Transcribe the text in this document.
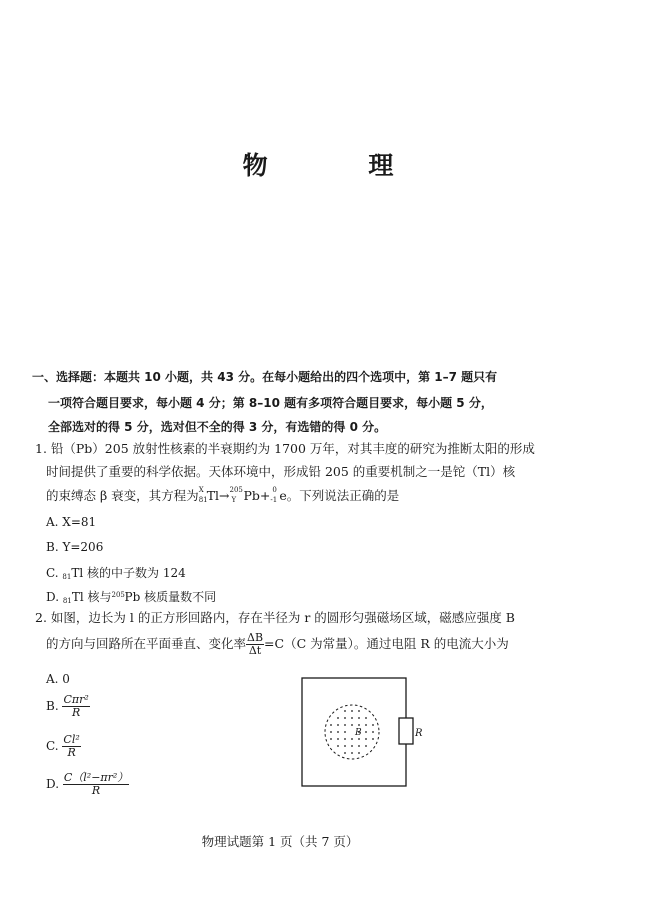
物 理
一、选择题：本题共 10 小题，共 43 分。在每小题给出的四个选项中，第 1–7 题只有
一项符合题目要求，每小题 4 分；第 8–10 题有多项符合题目要求，每小题 5 分，
全部选对的得 5 分，选对但不全的得 3 分，有选错的得 0 分。
1. 铅（Pb）205 放射性核素的半衰期约为 1700 万年，对其丰度的研究为推断太阳的形成
时间提供了重要的科学依据。天体环境中，形成铅 205 的重要机制之一是铊（Tl）核
的束缚态 β 衰变，其方程为 X
81 Tl→ 205
Y Pb+ 0
-1 e。下列说法正确的是
A. X=81
B. Y=206
C. 81 Tl 核的中子数为 124
D. 81 Tl 核与 205 Pb 核质量数不同
2. 如图，边长为 l 的正方形回路内，存在半径为 r 的圆形匀强磁场区域，磁感应强度 B
的方向与回路所在平面垂直、变化率 $\frac{\Delta B}{\Delta t} =C(C$ 为常量）。通过电阻 R 的电流大小为
A. 0
B.
$\frac{\text{Cπr²}}{R}$
C.
$\frac{\text{Cl²}}{R}$
D.
$\frac{\text{C（l²−πr²）}}{R}$
R
B
物理试题第 1 页（共 7 页）
